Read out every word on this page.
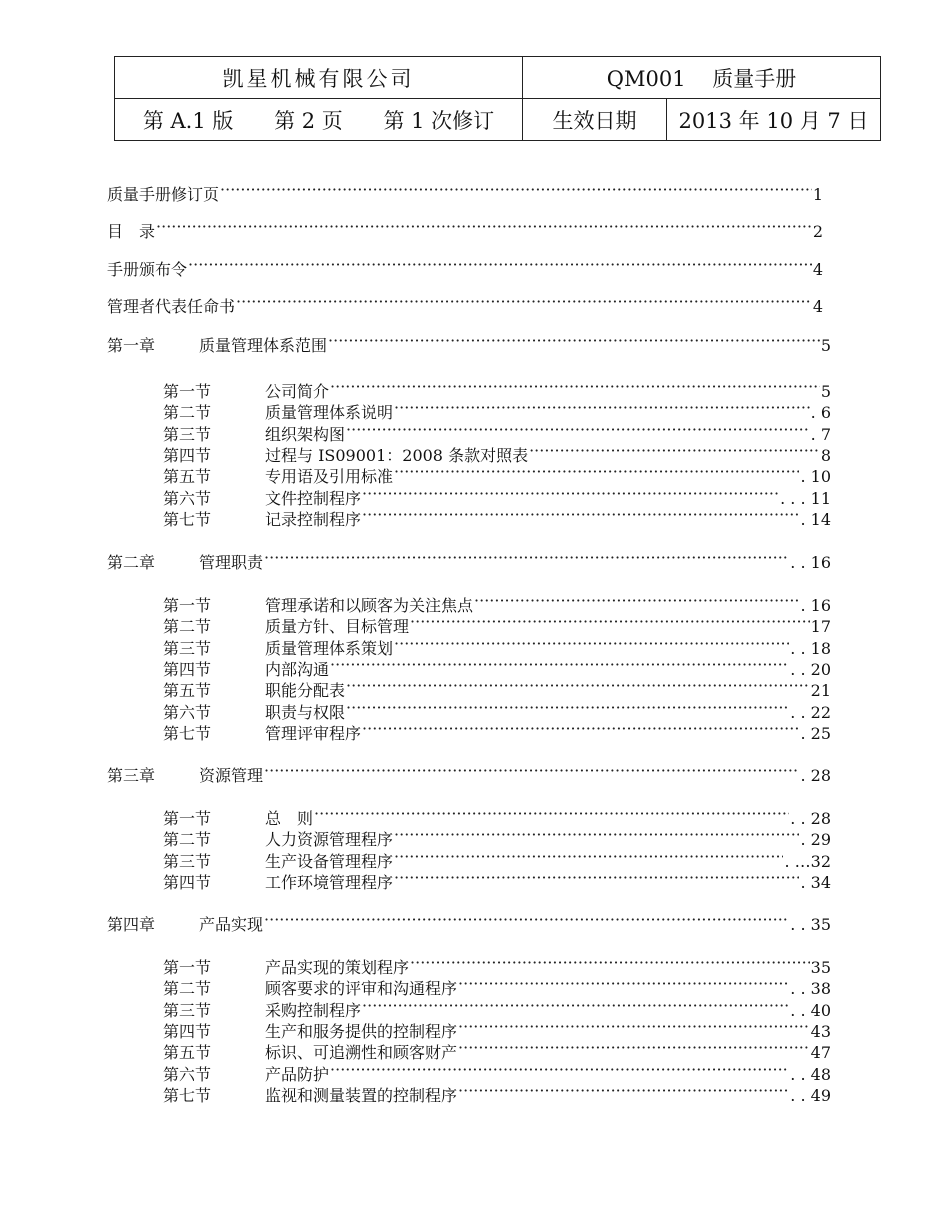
凯星机械有限公司	QM001 质量手册	
第 A.1 版 第 2 页 第 1 次修订	生效日期	2013 年 10 月 7 日
质量手册修订页 ·····	1
目　录 ·····	2
手册颁布令 ·····	4
管理者代表任命书 ·····	4
第一章	质量管理体系范围 ·····	5
第一节	公司简介 ·····	5
第二节	质量管理体系说明 ·····	. 6
第三节	组织架构图 ·····	. 7
第四节	过程与 IS09001：2008 条款对照表 ·····	8
第五节	专用语及引用标准 ·····	. 10
第六节	文件控制程序 ·····	. . . 11
第七节	记录控制程序 ·····	. 14
第二章	管理职责 ·····	. . 16
第一节	管理承诺和以顾客为关注焦点 ·····	. 16
第二节	质量方针、目标管理 ·····	17
第三节	质量管理体系策划 ·····	. . 18
第四节	内部沟通 ·····	. . 20
第五节	职能分配表 ·····	21
第六节	职责与权限 ·····	. . 22
第七节	管理评审程序 ·····	. 25
第三章	资源管理 ·····	. 28
第一节	总　则 ·····	. . 28
第二节	人力资源管理程序 ·····	. 29
第三节	生产设备管理程序 ·····	. …32
第四节	工作环境管理程序 ·····	. 34
第四章	产品实现 ·····	. . 35
第一节	产品实现的策划程序 ·····	35
第二节	顾客要求的评审和沟通程序 ·····	. . 38
第三节	采购控制程序 ·····	. . 40
第四节	生产和服务提供的控制程序 ·····	43
第五节	标识、可追溯性和顾客财产 ·····	47
第六节	产品防护 ·····	. . 48
第七节	监视和测量装置的控制程序 ·····	. . 49
